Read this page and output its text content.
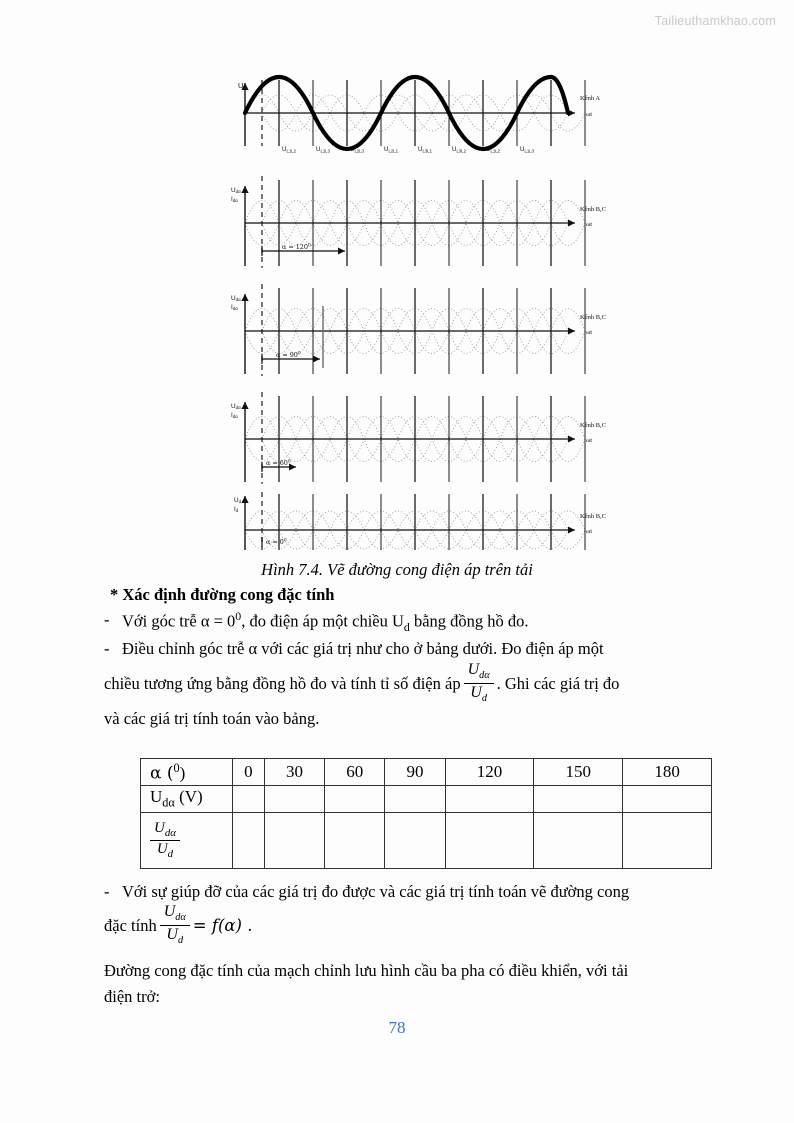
Tailieuthamkhao.com
U
Kênh A
ωt
$U_{L1L2}$	$U_{L1L3}$	$U_{L2L3}$	$U_{L2L1}$	$U_{L3L1}$	$U_{L3L2}$	$U_{L1L2}$	$U_{L1L3}$
Udα
Idα
Kênh B,C
ωt
$\alpha = 120^0$
Udα
Idα
Kênh B,C
ωt
$\alpha = 90^0$
Udα
Idα
Kênh B,C
ωt
$\alpha = 60^0$
Ud
Id
Kênh B,C
ωt
$\alpha = 0^0$
Hình 7.4. Vẽ đường cong điện áp trên tải
* Xác định đường cong đặc tính
- Với góc trễ $\alpha = 0^0$, đo điện áp một chiều $U_d$ bằng đồng hồ đo.
- Điều chỉnh góc trễ α với các giá trị như cho ở bảng dưới. Đo điện áp một
chiều tương ứng bằng đồng hồ đo và tính tỉ số điện áp $\frac{U_{d\alpha}}{U_d}$ . Ghi các giá trị đo
và các giá trị tính toán vào bảng.
α ($^0$)	0	30	60	90	120	150	180
$U_{d\alpha}$ (V)							

$\frac{U_{d\alpha}}{U_d}$

- Với sự giúp đỡ của các giá trị đo được và các giá trị tính toán vẽ đường cong
đặc tính $\frac{U_{d\alpha}}{U_d} = f(\alpha)$ .
Đường cong đặc tính của mạch chỉnh lưu hình cầu ba pha có điều khiển, với tải
điện trở:
78
